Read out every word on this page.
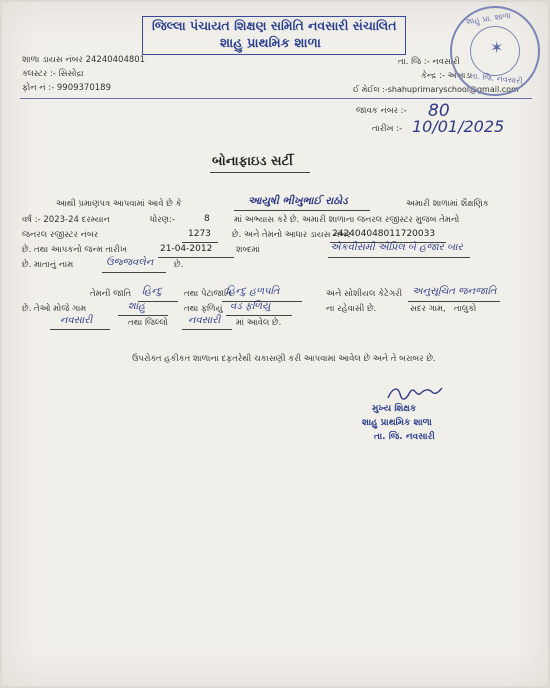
જિલ્લા પંચાયત શિક્ષણ સમિતિ નવસારી સંચાલિત
શાહુ પ્રાથમિક શાળા
શાળા ડાયસ નંબર 24240404801
ક્લસ્ટર :- સિસોદ્રા
ફોન નં :- 9909370189
તા. જિ :- નવસારી
કેન્દ્ર :- અંબાડા
ઈ મેઈલ :-shahuprimaryschool@gmail.com
શાહુ પ્રા. શાળા
તા. જિ. નવસારી
✶
જાવક નંબર :- 80
તારીખ :- 10/01/2025
બોનાફાઇડ સર્ટી
આથી પ્રમાણપત્ર આપવામાં આવે છે કે	આયુષી ભીખુભાઈ રાઠોડ	અમારી શાળામાં શૈક્ષણિક
વર્ષ :- 2023-24 દરમ્યાન	ધોરણ:-	8	માં અભ્યાસ કરે છે. અમારી શાળાના જનરલ રજીસ્ટર મુજબ તેમનો
જનરલ રજીસ્ટર નંબર	1273 છે. અને તેમનો આધાર ડાયસ નંબર
242404048011720033
છે. તથા આપકનો જન્મ તારીખ	21-04-2012	શબ્દમાં	એકવીસમી એપ્રિલ બે હજાર બાર
છે. માતાનું નામ	ઉજ્જવલેન છે.
તેમની જાતિ હિન્દુ	તથા પેટાજાતિ
હિન્દુ હળપતિ	અને સોશીયલ કેટેગરી અનુસૂચિત જનજાતિ
છે. તેઓ મોજે ગામ	શાહુ	તથા ફળિયું વડ ફળિયું	ના રહેવાસી છે.	સદર ગામ, તાલુકો
નવસારી	તથા જિલ્લો નવસારી માં આવેલ છે.
ઉપરોક્ત હકીકત શાળાના દફતરેથી ચકાસણી કરી આપવામાં આવેલ છે અને તે બરાબર છે.
મુખ્ય શિક્ષક
શાહુ પ્રાથમિક શાળા
તા. જિ. નવસારી
